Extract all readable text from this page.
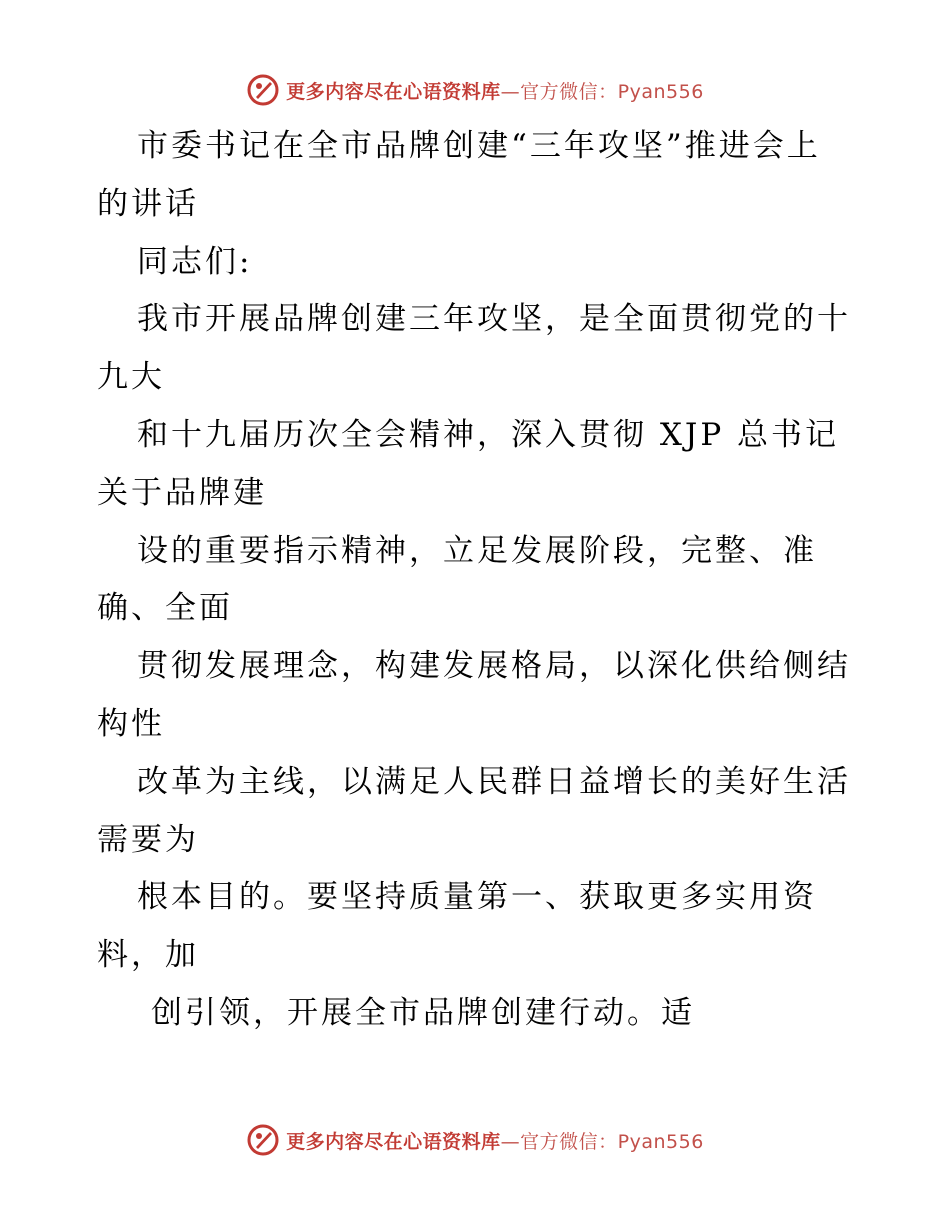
更多内容尽在心语资料库—官方微信：Pyan556
市委书记在全市品牌创建“三年攻坚”推进会上
的讲话
同志们:
我市开展品牌创建三年攻坚，是全面贯彻党的十
九大
和十九届历次全会精神，深入贯彻 XJP 总书记
关于品牌建
设的重要指示精神，立足发展阶段，完整、准
确、全面
贯彻发展理念，构建发展格局，以深化供给侧结
构性
改革为主线，以满足人民群日益增长的美好生活
需要为
根本目的。要坚持质量第一、获取更多实用资
料，加
创引领，开展全市品牌创建行动。适
更多内容尽在心语资料库—官方微信：Pyan556
